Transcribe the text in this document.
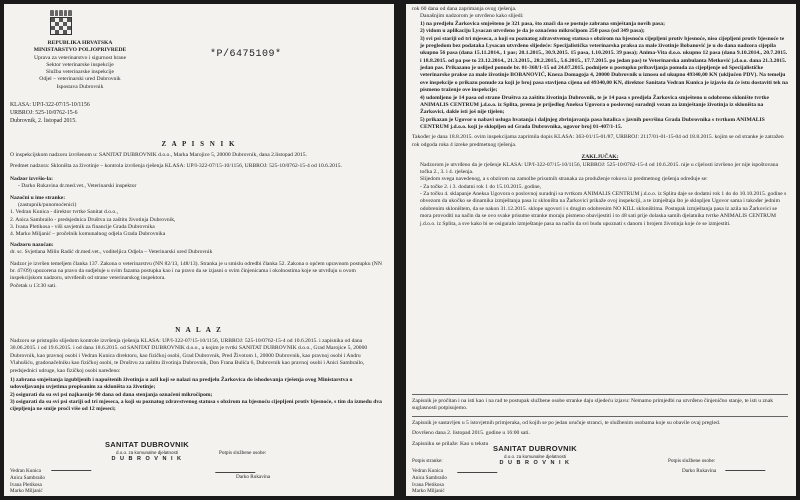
REPUBLIKA HRVATSKA
MINISTARSTVO POLJOPRIVREDE
Uprava za veterinarstvo i sigurnost hrane
Sektor veterinarske inspekcije
Služba veterinarske inspekcije
Odjel – veterinarski ured Dubrovnik
Ispostava Dubrovnik
*P/6475109*
KLASA: UP/I-322-07/15-10/1156
URBROJ: 525-10/0762-15-6
Dubrovnik, 2. listopad 2015.
Z A P I S N I K

O inspekcijskom nadzoru izvršenom u: SANITAT DUBROVNIK d.o.o., Marka Marojice 5, 20000 Dubrovnik, dana 2.listopad 2015.

Predmet nadzora: Skloništa za životinje – kontrola izvršenja rješenja KLASA: UP/I-322-07/15-10/1156, URBROJ: 525-10/0762-15-4 od 10.6.2015.

Nadzor izvršio-la:

- Darko Rukavina dr.med.vet., Veterinarski inspektor

Nazočni u ime stranke:

(zastupnik/punomoćenici)

1. Vedran Kunica - direktor tvrtke Sanitat d.o.o.,
2. Anica Sambrailo - predsjednica Društva za zaštitu životinja Dubrovnik,
3. Ivana Pletikosa - viši savjetnik za financije Grada Dubrovnika
4. Marko Miljanić – pročelnik komunalnog odjela Grada Dubrovnika

Nadzoru nazočan:

dr. sc. Svjetlana Milin Radić dr.med.vet., voditeljica Odjela – Veterinarski ured Dubrovnik

Nadzor je izvršen temeljem članka 137. Zakona o veterinarstvu (NN 82/13, 148/13). Stranka je u smislu odredbi članka 52. Zakona o općem upravnom postupku (NN br. 47/09) upozorena na pravo da sudjeluje u svim fazama postupka kao i na pravo da se izjasni o svim činjenicama i okolnostima koje se utvrđuju u ovom inspekcijskom nadzoru, utvrđenih od strane veterinarskog inspektora.

Početak u 13:30 sati.

N A L A Z

Nadzoru se pristupilo slijedom kontrole izvršenja rješenja KLASA: UP/I-322-07/15-10/1156, URBROJ: 525-10/0762-15-4 od 10.6.2015. i zapisnika od dana 30.06.2015. i od 19.6.2015. i od dana 18.6.2015. od SANITAT DUBROVNIK d.o.o., a kojim je tvrtki SANITAT DUBROVNIK d.o.o., Grad Marojice 5, 20000 Dubrovnik, kao pravnoj osobi i Vedran Kunica direktoru, kao fizičkoj osobi, Grad Dubrovnik, Pred Životom 1, 20000 Dubrovnik, kao pravnoj osobi i Andru Vlahušiću, gradonačelniku kao fizičkoj osobi, te Društvu za zaštitu životinja Dubrovnik, Don Frana Bulića 6, Dubrovnik kao pravnoj osobi i Anici Sambrailo, predsjednici udruge, kao fizičkoj osobi naređeno:

1) zabrana smještanja izgubljenih i napuštenih životinja u azil koji se nalazi na predjelu Žarkovica do ishodovanja rješenja ovog Ministarstva o udovoljavanju uvjetima propisanim za skloništa za životinje;
2) osigurati da su svi psi najkasnije 90 dana od dana stenjanja označeni mikročipom;
3) osigurati da su svi psi stariji od tri mjeseca, a koji su poznatog zdravstvenog statusa s obzirom na bjesnoću cijepljeni protiv bjesnoće, s tim da između dva cijepljenja ne smije proći više od 12 mjeseci;
SANITAT DUBROVNIK
d.o.o. za komunalne djelatnosti
D U B R O V N I K
Potpis službene osobe:
Vedran Kunica
Anica Sambrailo
Ivana Pletikosa
Marko Miljanić
Darko Rukavina

rok 60 dana od dana zaprimanja ovog rješenja.

Današnjim nadzorom je utvrđeno kako slijedi:

1) na predjelu Žarkovica smješteno je 321 pasa, što znači da se postuje zabrana smještanja novih pasa;
2) vidom u aplikaciju Lysacan utvrđeno je da je označeno mikročipom 250 pasa (od 349 pasa);
3) svi psi stariji od tri mjeseca, a koji su poznatog zdravstvenog statusa s obzirom na bjesnoću cijepljeni protiv bjesnoće, niso cijepljeni protiv bjesnoće te je pregledom bez podataka Lysacan utvrđeno slijedeće: Specijalistička veterinarska praksa za male životinje Bobanović je u do dana nadzora cijepila ukupno 56 pasa (dana 15.11.2014., 1 pas; 20.1.2015., 30.9.2015. 15 pasa, 1.10.2015. 39 pasa); Anima-Vita d.o.o. ukupno 12 pasa (dana 9.10.2014., 20.7.2015. i 18.8.2015. od pa pse to 23.12.2014., 21.3.2015., 28.2.2015., 5.6.2015., 17.7.2015. po jedan pas) te Veterinarska ambulanta Metković j.d.o.o. dana 21.3.2015. jedan pas. Prikazano je uslijed ponude br. 01-368/1-15 od 24.07.2015. podnijete u postupku pribavljanja ponuda za cijepljenje od Specijalističke veterinarske prakse za male životinje BOBANOVIĆ, Kneza Domagoja 4, 20000 Dubrovnik u iznosu od ukupno 49340,00 KN (uključen PDV). Na temelju ove inspekcije o prikazu ponude za koji je broj pasa stavljena cijena od 49340,00 KN, direktor Sanitata Vedran Kunica je izjavio da će istu dostaviti tek na pismeno traženje ove inspekcije;
4) udomljeno je 14 pasa od strane Društva za zaštitu životinja Dubrovnik, te je 14 pasa s predjela Žarkovica smješteno u odobreno sklonište tvrtke ANIMALIS CENTRUM j.d.o.o. iz Splita, prema je prijedlog Aneksa Ugovora o poslovnoj suradnji vezan za izmještanje životinja iz skloništa na Žarkovici, dakle isti još nije tijelen;
5) prikazan je Ugovor o nabavi usluga hvatanja i daljnjeg zbrinjavanja pasa lutalica s javnih površina Grada Dubrovnika s tvrtkom ANIMALIS CENTRUM j.d.o.o. koji je sklopljen od Grada Dubrovnika, ugovor broj 01-407/1-15.

Također je dana 18.8.2015. ovim inspekcijama zaprimila dopis KLASA: 363-01/15-01/87, URBROJ: 2117/01-01-15-04 od 18.8.2015. kojim se od stranke je zatražen rok odgoda roka 4 izreke predmetnog rješenja.

ZAKLJUČAK:

Nadzorom je utvrđeno da je rješenje KLASA: UP/I-322-07/15-10/1156, URBROJ: 525-10/0762-15-4 od 10.6.2015. nije u cijelosti izvršeno jer nije ispoštovana točka 2., 3. i 4. rješenja.

Slijedom svega navedenog, a s obzirom na zamolbe prisutnih stranaka za produženje rokova iz predmetnog rješenja određuje se:

- Za točke 2. i 3. dodatni rok 1 do 15.10.2015. godine,
- Za točku 4. sklapanje Aneksa Ugovora o poslovnoj suradnji sa tvrtkom ANIMALIS CENTRUM j.d.o.o. iz Splita daje se dodatni rok 1 do do 10.10.2015. godine s obvezom da ukočko se dinamika izmještanja pasa iz skloništa na Žarkovici prikaže ovoj inspekciji, a te izmještaja što je sklopljen Ugovor sama i također jednim odobrenim skloništem, da se nakon 31.12.2015. sklope ugovori i s drugim odobrenim NO KILL skloništima. Postupak izmještanja pasa iz azila na Žarkovici se mora provoditi na način da se ovo svake prisutne stranke moraju pismeno obavijestiti i to 48 sati prije dolaska samih djelatnika tvrtke ANIMALIS CENTRUM j.d.o.o. iz Splita, a sve kako bi se osiguralo izmještanje pasa na način da svi budu upoznati s danom i brojem životinja koje će se izmjestiti.

Zapisnik je pročitan i na isti kao i na rad te postupak službene osobe stranke daju sljedeću izjavu: Nemamo primjedbi na utvrđeno činjenično stanje, te isti u znak suglasnosti potpisujemo.

Zapisnik je sastavljen u 5 istovjetnih primjeraka, od kojih se po jedan uručuje stranci, te službenim osobama koje su obavile ovaj pregled.

Dovršeno dana 2. listopad 2015. godine u 16:00 sati.

Zapisniku se prilaže: Kao u tekstu

Potpis stranke:	Potpis službene osobe:
SANITAT DUBROVNIK
d.o.o. za komunalne djelatnosti
D U B R O V N I K
Vedran Kunica
Anica Sambrailo
Ivana Pletikosa
Marko Miljanić
Darko Rukavina
